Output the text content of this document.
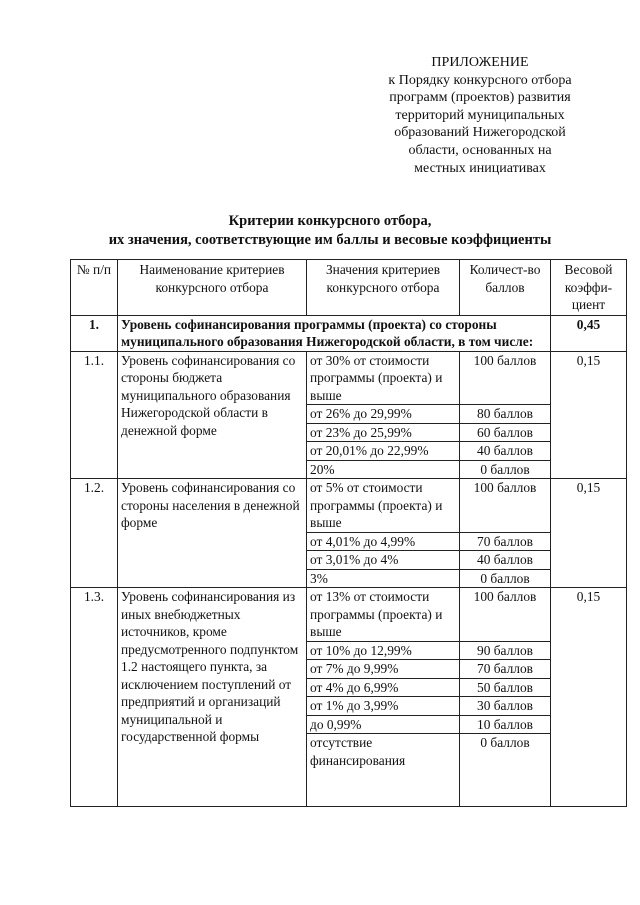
ПРИЛОЖЕНИЕ
к Порядку конкурсного отбора
программ (проектов) развития
территорий муниципальных
образований Нижегородской
области, основанных на
местных инициативах
Критерии конкурсного отбора,
их значения, соответствующие им баллы и весовые коэффициенты
№ п/п	Наименование критериев конкурсного отбора	Значения критериев конкурсного отбора	Количест-во баллов	Весовой коэффи-циент
1.	Уровень софинансирования программы (проекта) со стороны муниципального образования Нижегородской области, в том числе:			0,45
1.1.	Уровень софинансирования со стороны бюджета муниципального образования Нижегородской области в денежной форме	от 30% от стоимости программы (проекта) и выше	100 баллов	0,15
		от 26% до 29,99%	80 баллов	
		от 23% до 25,99%	60 баллов	
		от 20,01% до 22,99%	40 баллов	
		20%	0 баллов	
1.2.	Уровень софинансирования со стороны населения в денежной форме	от 5% от стоимости программы (проекта) и выше	100 баллов	0,15
		от 4,01% до 4,99%	70 баллов	
		от 3,01% до 4%	40 баллов	
		3%	0 баллов	
1.3.	Уровень софинансирования из иных внебюджетных источников, кроме предусмотренного подпунктом 1.2 настоящего пункта, за исключением поступлений от предприятий и организаций муниципальной и государственной формы	от 13% от стоимости программы (проекта) и выше	100 баллов	0,15
		от 10% до 12,99%	90 баллов	
		от 7% до 9,99%	70 баллов	
		от 4% до 6,99%	50 баллов	
		от 1% до 3,99%	30 баллов	
		до 0,99%	10 баллов	
		отсутствие финансирования	0 баллов	
